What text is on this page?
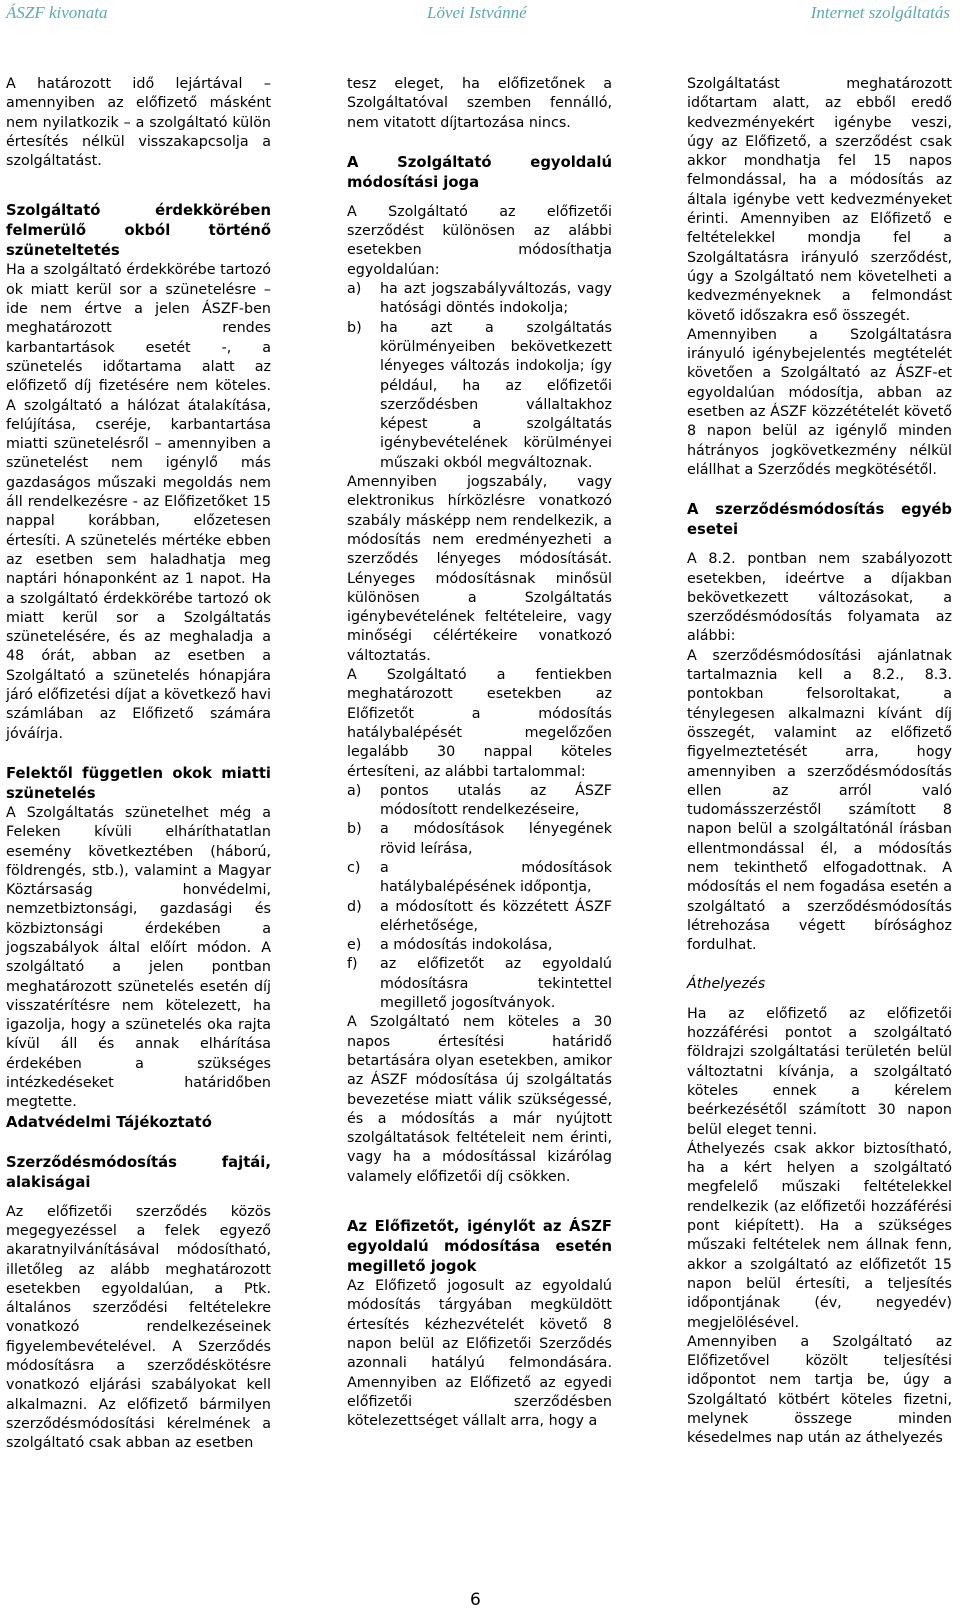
ÁSZF kivonata	Lövei Istvánné	Internet szolgáltatás

A határozott idő lejártával – amennyiben az előfizető másként nem nyilatkozik – a szolgáltató külön értesítés nélkül visszakapcsolja a szolgáltatást.

Szolgáltató érdekkörében felmerülő okból történő szüneteltetés

Ha a szolgáltató érdekkörébe tartozó ok miatt kerül sor a szünetelésre – ide nem értve a jelen ÁSZF-ben meghatározott rendes karbantartások esetét -, a szünetelés időtartama alatt az előfizető díj fizetésére nem köteles. A szolgáltató a hálózat átalakítása, felújítása, cseréje, karbantartása miatti szünetelésről – amennyiben a szünetelést nem igénylő más gazdaságos műszaki megoldás nem áll rendelkezésre - az Előfizetőket 15 nappal korábban, előzetesen értesíti. A szünetelés mértéke ebben az esetben sem haladhatja meg naptári hónaponként az 1 napot. Ha a szolgáltató érdekkörébe tartozó ok miatt kerül sor a Szolgáltatás szünetelésére, és az meghaladja a 48 órát, abban az esetben a Szolgáltató a szünetelés hónapjára járó előfizetési díjat a következő havi számlában az Előfizető számára jóváírja.

Felektől független okok miatti szünetelés

A Szolgáltatás szünetelhet még a Feleken kívüli elháríthatatlan esemény következtében (háború, földrengés, stb.), valamint a Magyar Köztársaság honvédelmi, nemzetbiztonsági, gazdasági és közbiztonsági érdekében a jogszabályok által előírt módon. A szolgáltató a jelen pontban meghatározott szünetelés esetén díj visszatérítésre nem kötelezett, ha igazolja, hogy a szünetelés oka rajta kívül áll és annak elhárítása érdekében a szükséges intézkedéseket határidőben megtette.

Adatvédelmi Tájékoztató

Szerződésmódosítás fajtái, alakiságai

Az előfizetői szerződés közös megegyezéssel a felek egyező akaratnyilvánításával módosítható, illetőleg az alább meghatározott esetekben egyoldalúan, a Ptk. általános szerződési feltételekre vonatkozó rendelkezéseinek figyelembevételével. A Szerződés módosításra a szerződéskötésre vonatkozó eljárási szabályokat kell alkalmazni. Az előfizető bármilyen szerződésmódosítási kérelmének a szolgáltató csak abban az esetben

tesz eleget, ha előfizetőnek a Szolgáltatóval szemben fennálló, nem vitatott díjtartozása nincs.

A Szolgáltató egyoldalú módosítási joga

A Szolgáltató az előfizetői szerződést különösen az alábbi esetekben módosíthatja egyoldalúan:

a)	ha azt jogszabályváltozás, vagy hatósági döntés indokolja;
b)	ha azt a szolgáltatás körülményeiben bekövetkezett lényeges változás indokolja; így például, ha az előfizetői szerződésben vállaltakhoz képest a szolgáltatás igénybevételének körülményei műszaki okból megváltoznak.

Amennyiben jogszabály, vagy elektronikus hírközlésre vonatkozó szabály másképp nem rendelkezik, a módosítás nem eredményezheti a szerződés lényeges módosítását. Lényeges módosításnak minősül különösen a Szolgáltatás igénybevételének feltételeire, vagy minőségi célértékeire vonatkozó változtatás.

A Szolgáltató a fentiekben meghatározott esetekben az Előfizetőt a módosítás hatálybalépését megelőzően legalább 30 nappal köteles értesíteni, az alábbi tartalommal:

a)	pontos utalás az ÁSZF módosított rendelkezéseire,
b)	a módosítások lényegének rövid leírása,
c)	a módosítások hatálybalépésének időpontja,
d)	a módosított és közzétett ÁSZF elérhetősége,
e)	a módosítás indokolása,
f)	az előfizetőt az egyoldalú módosításra tekintettel megillető jogosítványok.

A Szolgáltató nem köteles a 30 napos értesítési határidő betartására olyan esetekben, amikor az ÁSZF módosítása új szolgáltatás bevezetése miatt válik szükségessé, és a módosítás a már nyújtott szolgáltatások feltételeit nem érinti, vagy ha a módosítással kizárólag valamely előfizetői díj csökken.

Az Előfizetőt, igénylőt az ÁSZF egyoldalú módosítása esetén megillető jogok

Az Előfizető jogosult az egyoldalú módosítás tárgyában megküldött értesítés kézhezvételét követő 8 napon belül az Előfizetői Szerződés azonnali hatályú felmondására. Amennyiben az Előfizető az egyedi előfizetői szerződésben kötelezettséget vállalt arra, hogy a

Szolgáltatást meghatározott időtartam alatt, az ebből eredő kedvezményekért igénybe veszi, úgy az Előfizető, a szerződést csak akkor mondhatja fel 15 napos felmondással, ha a módosítás az általa igénybe vett kedvezményeket érinti. Amennyiben az Előfizető e feltételekkel mondja fel a Szolgáltatásra irányuló szerződést, úgy a Szolgáltató nem követelheti a kedvezményeknek a felmondást követő időszakra eső összegét.

Amennyiben a Szolgáltatásra irányuló igénybejelentés megtételét követően a Szolgáltató az ÁSZF-et egyoldalúan módosítja, abban az esetben az ÁSZF közzétételét követő 8 napon belül az igénylő minden hátrányos jogkövetkezmény nélkül elállhat a Szerződés megkötésétől.

A szerződésmódosítás egyéb esetei

A 8.2. pontban nem szabályozott esetekben, ideértve a díjakban bekövetkezett változásokat, a szerződésmódosítás folyamata az alábbi:

A szerződésmódosítási ajánlatnak tartalmaznia kell a 8.2., 8.3. pontokban felsoroltakat, a ténylegesen alkalmazni kívánt díj összegét, valamint az előfizető figyelmeztetését arra, hogy amennyiben a szerződésmódosítás ellen az arról való tudomásszerzéstől számított 8 napon belül a szolgáltatónál írásban ellentmondással él, a módosítás nem tekinthető elfogadottnak. A módosítás el nem fogadása esetén a szolgáltató a szerződésmódosítás létrehozása végett bírósághoz fordulhat.

Áthelyezés

Ha az előfizető az előfizetői hozzáférési pontot a szolgáltató földrajzi szolgáltatási területén belül változtatni kívánja, a szolgáltató köteles ennek a kérelem beérkezésétől számított 30 napon belül eleget tenni.

Áthelyezés csak akkor biztosítható, ha a kért helyen a szolgáltató megfelelő műszaki feltételekkel rendelkezik (az előfizetői hozzáférési pont kiépített). Ha a szükséges műszaki feltételek nem állnak fenn, akkor a szolgáltató az előfizetőt 15 napon belül értesíti, a teljesítés időpontjának (év, negyedév) megjelölésével.

Amennyiben a Szolgáltató az Előfizetővel közölt teljesítési időpontot nem tartja be, úgy a Szolgáltató kötbért köteles fizetni, melynek összege minden késedelmes nap után az áthelyezés

6
